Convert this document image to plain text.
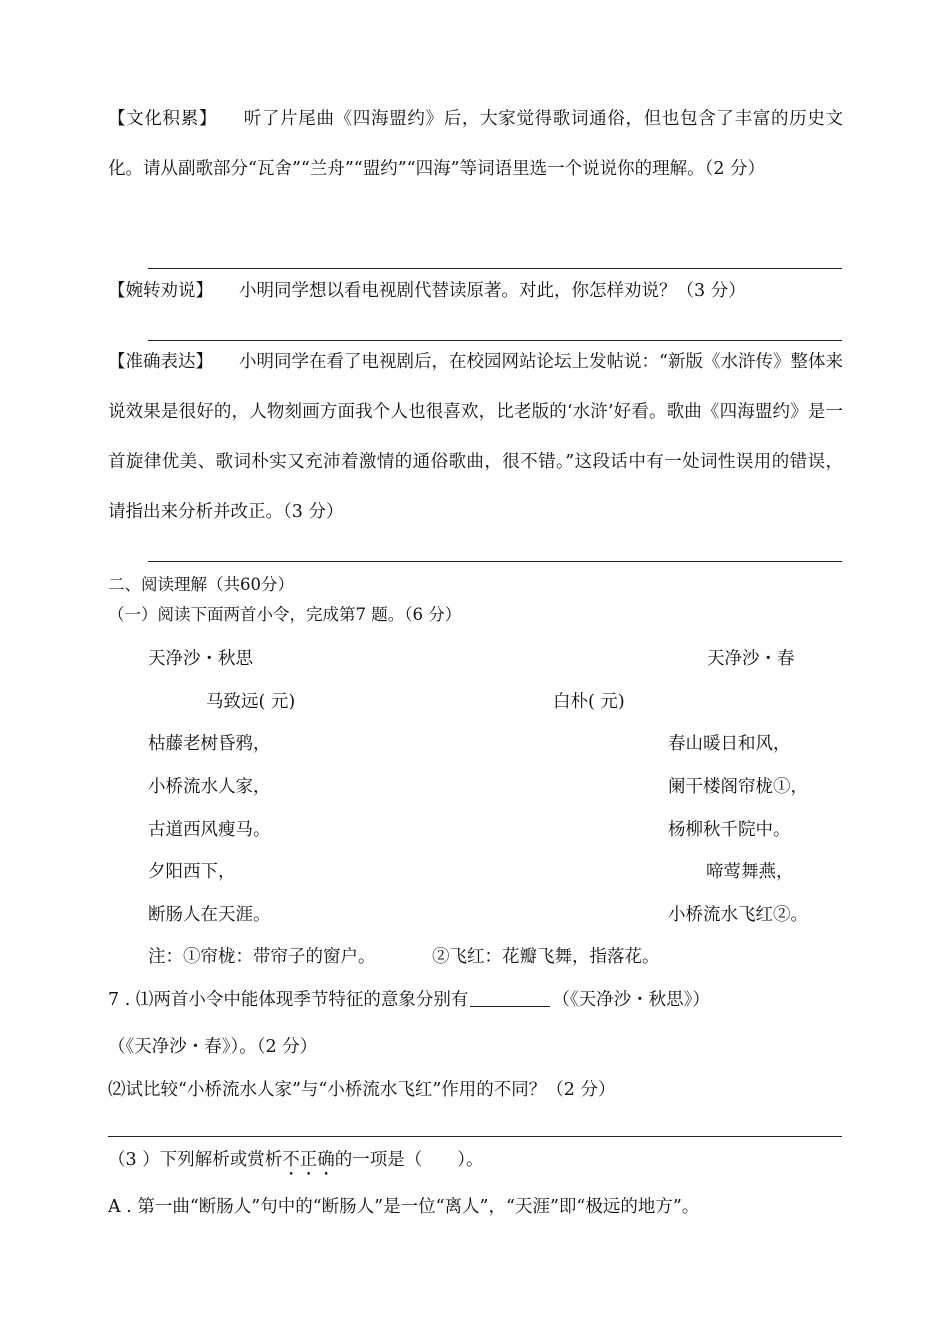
【文化积累】 听了片尾曲《四海盟约》后，大家觉得歌词通俗，但也包含了丰富的历史文化。请从副歌部分“瓦舍”“兰舟”“盟约”“四海”等词语里选一个说说你的理解。（2 分）
【婉转劝说】 小明同学想以看电视剧代替读原著。对此，你怎样劝说？（3 分）
【准确表达】 小明同学在看了电视剧后，在校园网站论坛上发帖说：“新版《水浒传》整体来说效果是很好的，人物刻画方面我个人也很喜欢，比老版的‘水浒’好看。歌曲《四海盟约》是一首旋律优美、歌词朴实又充沛着激情的通俗歌曲，很不错。”这段话中有一处词性误用的错误，请指出来分析并改正。（3 分）
二、阅读理解（共60分）
（一）阅读下面两首小令，完成第7 题。（6 分）
天净沙・秋思
马致远( 元)
枯藤老树昏鸦，
小桥流水人家，
古道西风瘦马。
夕阳西下，
断肠人在天涯。
天净沙・春
白朴( 元)
春山暖日和风，
阑干楼阁帘栊①，
杨柳秋千院中。
啼莺舞燕，
小桥流水飞红②。
注：①帘栊：带帘子的窗户。	②飞红：花瓣飞舞，指落花。
7 . ⑴两首小令中能体现季节特征的意象分别有	（《天净沙・秋思》）
（《天净沙・春》）。（2 分）
⑵试比较“小桥流水人家”与“小桥流水飞红”作用的不同？（2 分）
（3 ）下列解析或赏析不正确的一项是（　　）。
A . 第一曲“断肠人”句中的“断肠人”是一位“离人”，“天涯”即“极远的地方”。
